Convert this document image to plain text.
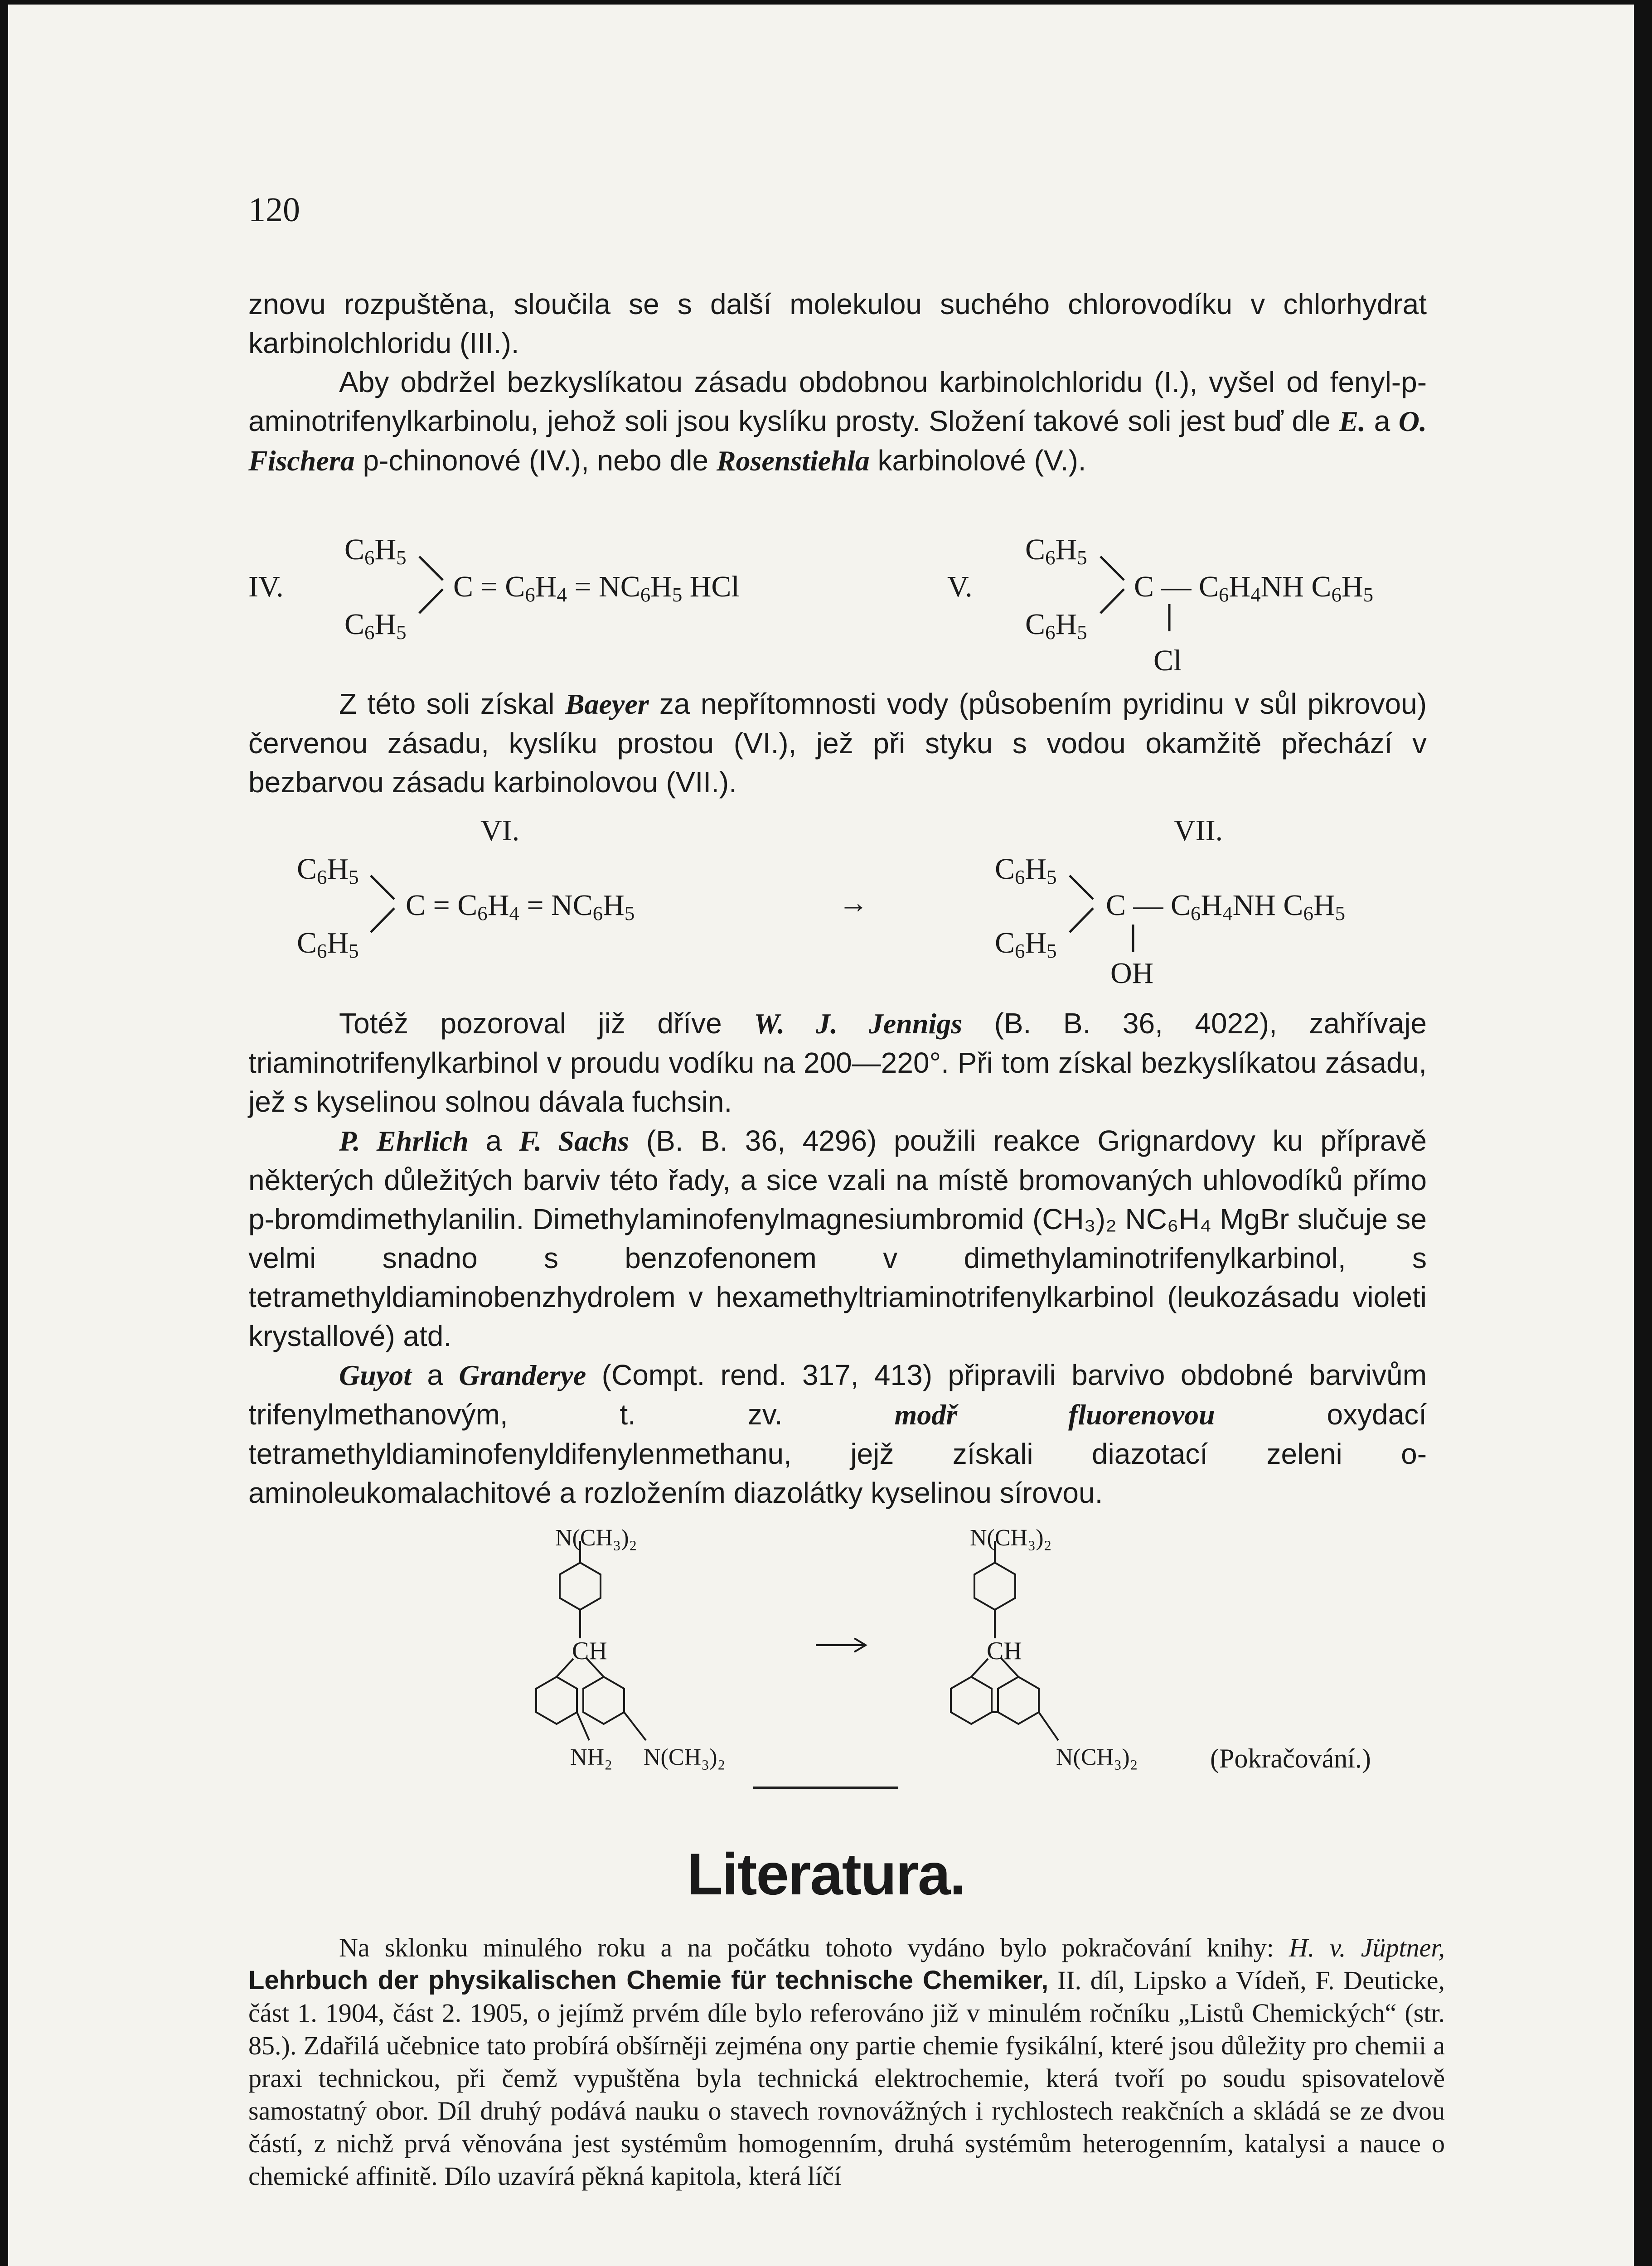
120

znovu rozpuštěna, sloučila se s další molekulou suchého chlorovodíku v chlorhydrat karbinolchloridu (III.).

Aby obdržel bezkyslíkatou zásadu obdobnou karbinolchloridu (I.), vyšel od fenyl-p-aminotrifenylkarbinolu, jehož soli jsou kyslíku prosty. Složení takové soli jest buď dle E. a O. Fischera p-chinonové (IV.), nebo dle Rosenstiehla karbinolové (V.).

IV.
$C_6H_5$
$C_6H_5$
$C = C_6H_4 = NC_6H_5$ HCl	V.
$C_6H_5$
$C_6H_5$
C — $C_6H_4NH$ $C_6H_5$
Cl

Z této soli získal Baeyer za nepřítomnosti vody (působením pyridinu v sůl pikrovou) červenou zásadu, kyslíku prostou (VI.), jež při styku s vodou okamžitě přechází v bezbarvou zásadu karbinolovou (VII.).

VI.
$C_6H_5$
$C_6H_5$
$C = C_6H_4 = NC_6H_5$	→
VII.
$C_6H_5$
$C_6H_5$
C — $C_6H_4NH$ $C_6H_5$
OH

Totéž pozoroval již dříve W. J. Jennigs (B. B. 36, 4022), zahřívaje triaminotrifenylkarbinol v proudu vodíku na 200—220°. Při tom získal bezkyslíkatou zásadu, jež s kyselinou solnou dávala fuchsin.

P. Ehrlich a F. Sachs (B. B. 36, 4296) použili reakce Grignardovy ku přípravě některých důležitých barviv této řady, a sice vzali na místě bromovaných uhlovodíků přímo p-bromdimethylanilin. Dimethylaminofenylmagnesiumbromid (CH₃)₂ NC₆H₄ MgBr slučuje se velmi snadno s benzofenonem v dimethylaminotrifenylkarbinol, s tetramethyldiaminobenzhydrolem v hexamethyltriaminotrifenylkarbinol (leukozásadu violeti krystallové) atd.

Guyot a Granderye (Compt. rend. 317, 413) připravili barvivo obdobné barvivům trifenylmethanovým, t. zv. modř fluorenovou oxydací tetramethyldiaminofenyldifenylenmethanu, jejž získali diazotací zeleni o-aminoleukomalachitové a rozložením diazolátky kyselinou sírovou.

N(CH₃)₂
CH
NH₂ N(CH₃)₂
N(CH₃)₂
CH
N(CH₃)₂	(Pokračování.)
Literatura.

Na sklonku minulého roku a na počátku tohoto vydáno bylo pokračování knihy: H. v. Jüptner, Lehrbuch der physikalischen Chemie für technische Chemiker, II. díl, Lipsko a Vídeň, F. Deuticke, část 1. 1904, část 2. 1905, o jejímž prvém díle bylo referováno již v minulém ročníku „Listů Chemických“ (str. 85.). Zdařilá učebnice tato probírá obšírněji zejména ony partie chemie fysikální, které jsou důležity pro chemii a praxi technickou, při čemž vypuštěna byla technická elektrochemie, která tvoří po soudu spisovatelově samostatný obor. Díl druhý podává nauku o stavech rovnovážných i rychlostech reakčních a skládá se ze dvou částí, z nichž prvá věnována jest systémům homogenním, druhá systémům heterogenním, katalysi a nauce o chemické affinitě. Dílo uzavírá pěkná kapitola, která líčí
